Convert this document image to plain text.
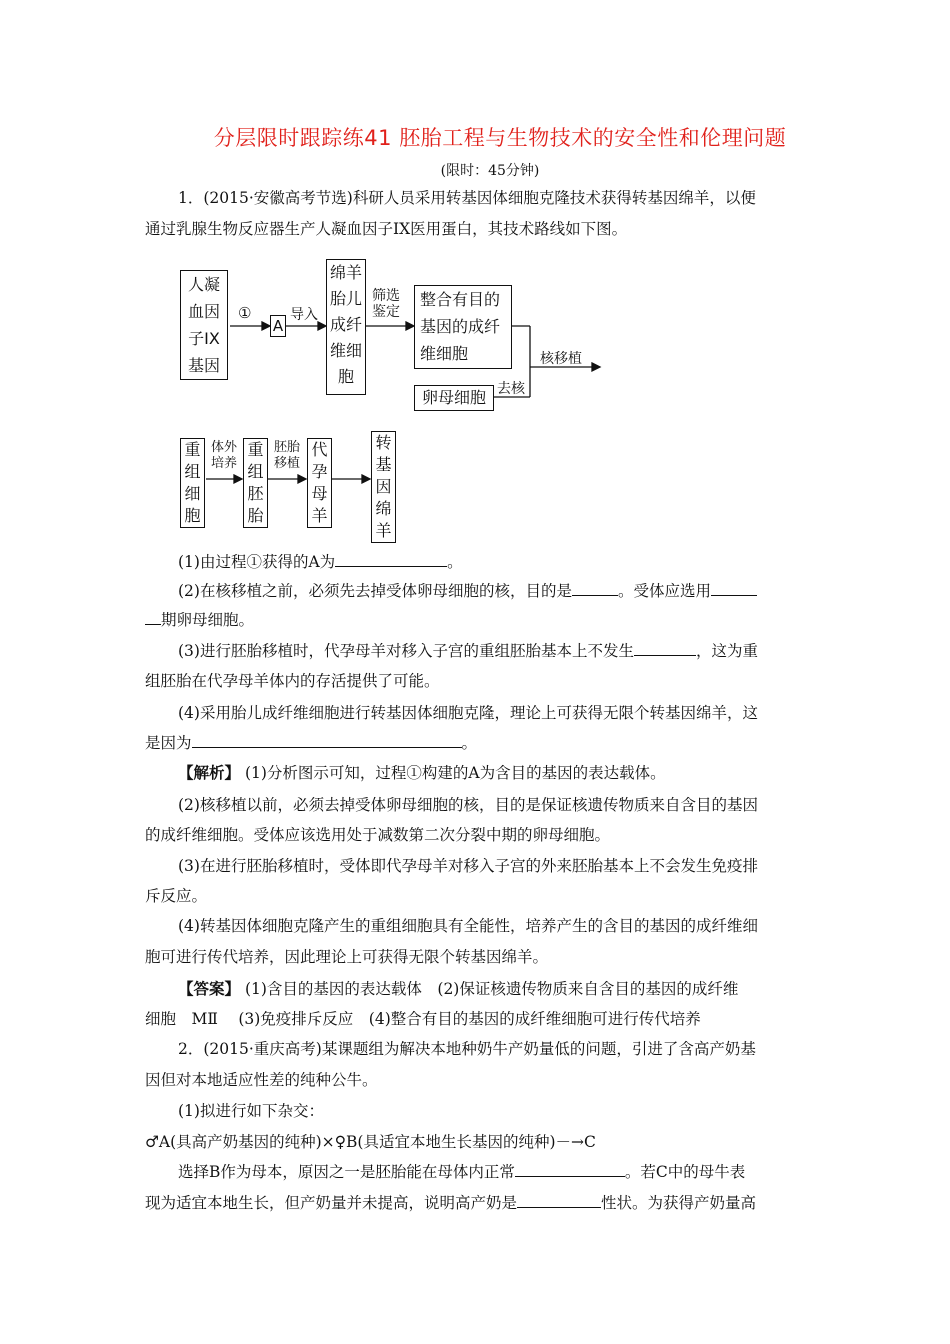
分层限时跟踪练41 胚胎工程与生物技术的安全性和伦理问题
(限时：45分钟)
1．(2015·安徽高考节选)科研人员采用转基因体细胞克隆技术获得转基因绵羊，以便
通过乳腺生物反应器生产人凝血因子IX医用蛋白，其技术路线如下图。
人凝
血因
子IX
基因
①
A
导入
绵羊
胎儿
成纤
维细
胞
筛选
鉴定
整合有目的
基因的成纤
维细胞	核移植
卵母细胞 去核
重
组
细
胞
体外
培养
重
组
胚
胎
胚胎
移植
代
孕
母
羊
转
基
因
绵
羊
(1)由过程①获得的A为	。
(2)在核移植之前，必须先去掉受体卵母细胞的核，目的是	。受体应选用
期卵母细胞。
(3)进行胚胎移植时，代孕母羊对移入子宫的重组胚胎基本上不发生	，这为重
组胚胎在代孕母羊体内的存活提供了可能。
(4)采用胎儿成纤维细胞进行转基因体细胞克隆，理论上可获得无限个转基因绵羊，这
是因为	。
【解析】 (1)分析图示可知，过程①构建的A为含目的基因的表达载体。
(2)核移植以前，必须去掉受体卵母细胞的核，目的是保证核遗传物质来自含目的基因
的成纤维细胞。受体应该选用处于减数第二次分裂中期的卵母细胞。
(3)在进行胚胎移植时，受体即代孕母羊对移入子宫的外来胚胎基本上不会发生免疫排
斥反应。
(4)转基因体细胞克隆产生的重组细胞具有全能性，培养产生的含目的基因的成纤维细
胞可进行传代培养，因此理论上可获得无限个转基因绵羊。
【答案】 (1)含目的基因的表达载体　(2)保证核遗传物质来自含目的基因的成纤维
细胞　MⅡ　 (3)免疫排斥反应　(4)整合有目的基因的成纤维细胞可进行传代培养
2．(2015·重庆高考)某课题组为解决本地种奶牛产奶量低的问题，引进了含高产奶基
因但对本地适应性差的纯种公牛。
(1)拟进行如下杂交：
♂A(具高产奶基因的纯种)×♀B(具适宜本地生长基因的纯种)－→C
选择B作为母本，原因之一是胚胎能在母体内正常	。若C中的母牛表
现为适宜本地生长，但产奶量并未提高，说明高产奶是	性状。为获得产奶量高
